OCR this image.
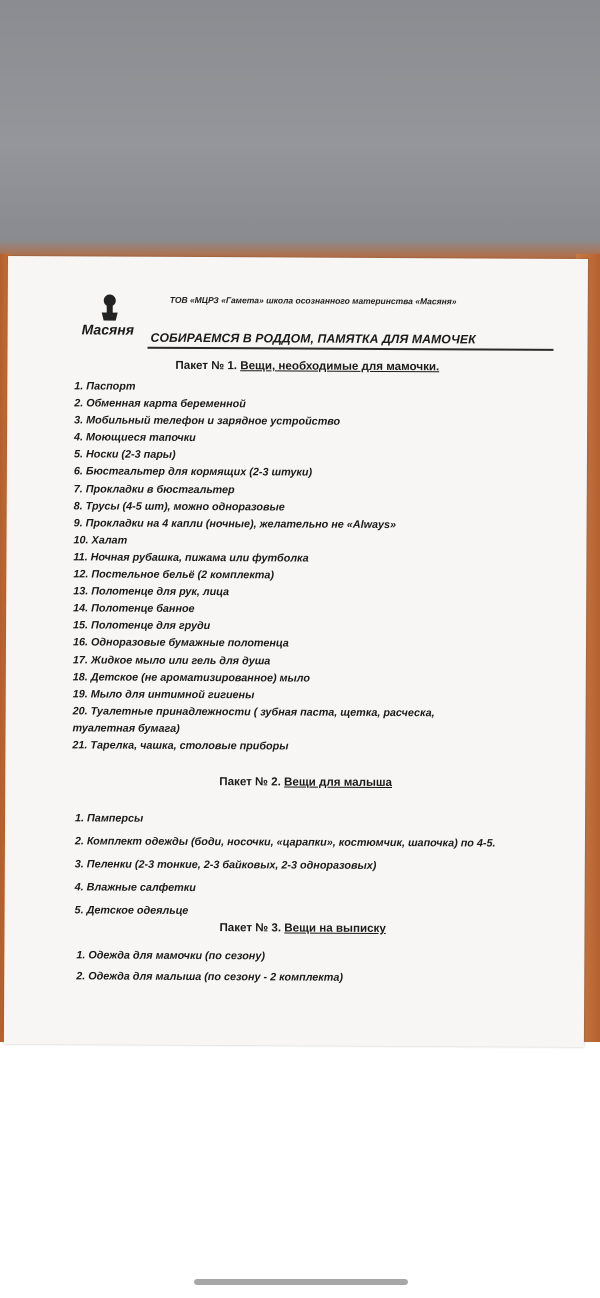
Масяня
ТОВ «МЦРЗ «Гамета» школа осознанного материнства «Масяня»
СОБИРАЕМСЯ В РОДДОМ, ПАМЯТКА ДЛЯ МАМОЧЕК
Пакет № 1. Вещи, необходимые для мамочки.
1. Паспорт
2. Обменная карта беременной
3. Мобильный телефон и зарядное устройство
4. Моющиеся тапочки
5. Носки (2-3 пары)
6. Бюстгальтер для кормящих (2-3 штуки)
7. Прокладки в бюстгальтер
8. Трусы (4-5 шт), можно одноразовые
9. Прокладки на 4 капли (ночные), желательно не «Always»
10. Халат
11. Ночная рубашка, пижама или футболка
12. Постельное бельё (2 комплекта)
13. Полотенце для рук, лица
14. Полотенце банное
15. Полотенце для груди
16. Одноразовые бумажные полотенца
17. Жидкое мыло или гель для душа
18. Детское (не ароматизированное) мыло
19. Мыло для интимной гигиены
20. Туалетные принадлежности ( зубная паста, щетка, расческа, туалетная бумага)
21. Тарелка, чашка, столовые приборы
Пакет № 2. Вещи для малыша
1. Памперсы
2. Комплект одежды (боди, носочки, «царапки», костюмчик, шапочка) по 4-5.
3. Пеленки (2-3 тонкие, 2-3 байковых, 2-3 одноразовых)
4. Влажные салфетки
5. Детское одеяльце
Пакет № 3. Вещи на выписку
1. Одежда для мамочки (по сезону)
2. Одежда для малыша (по сезону - 2 комплекта)
